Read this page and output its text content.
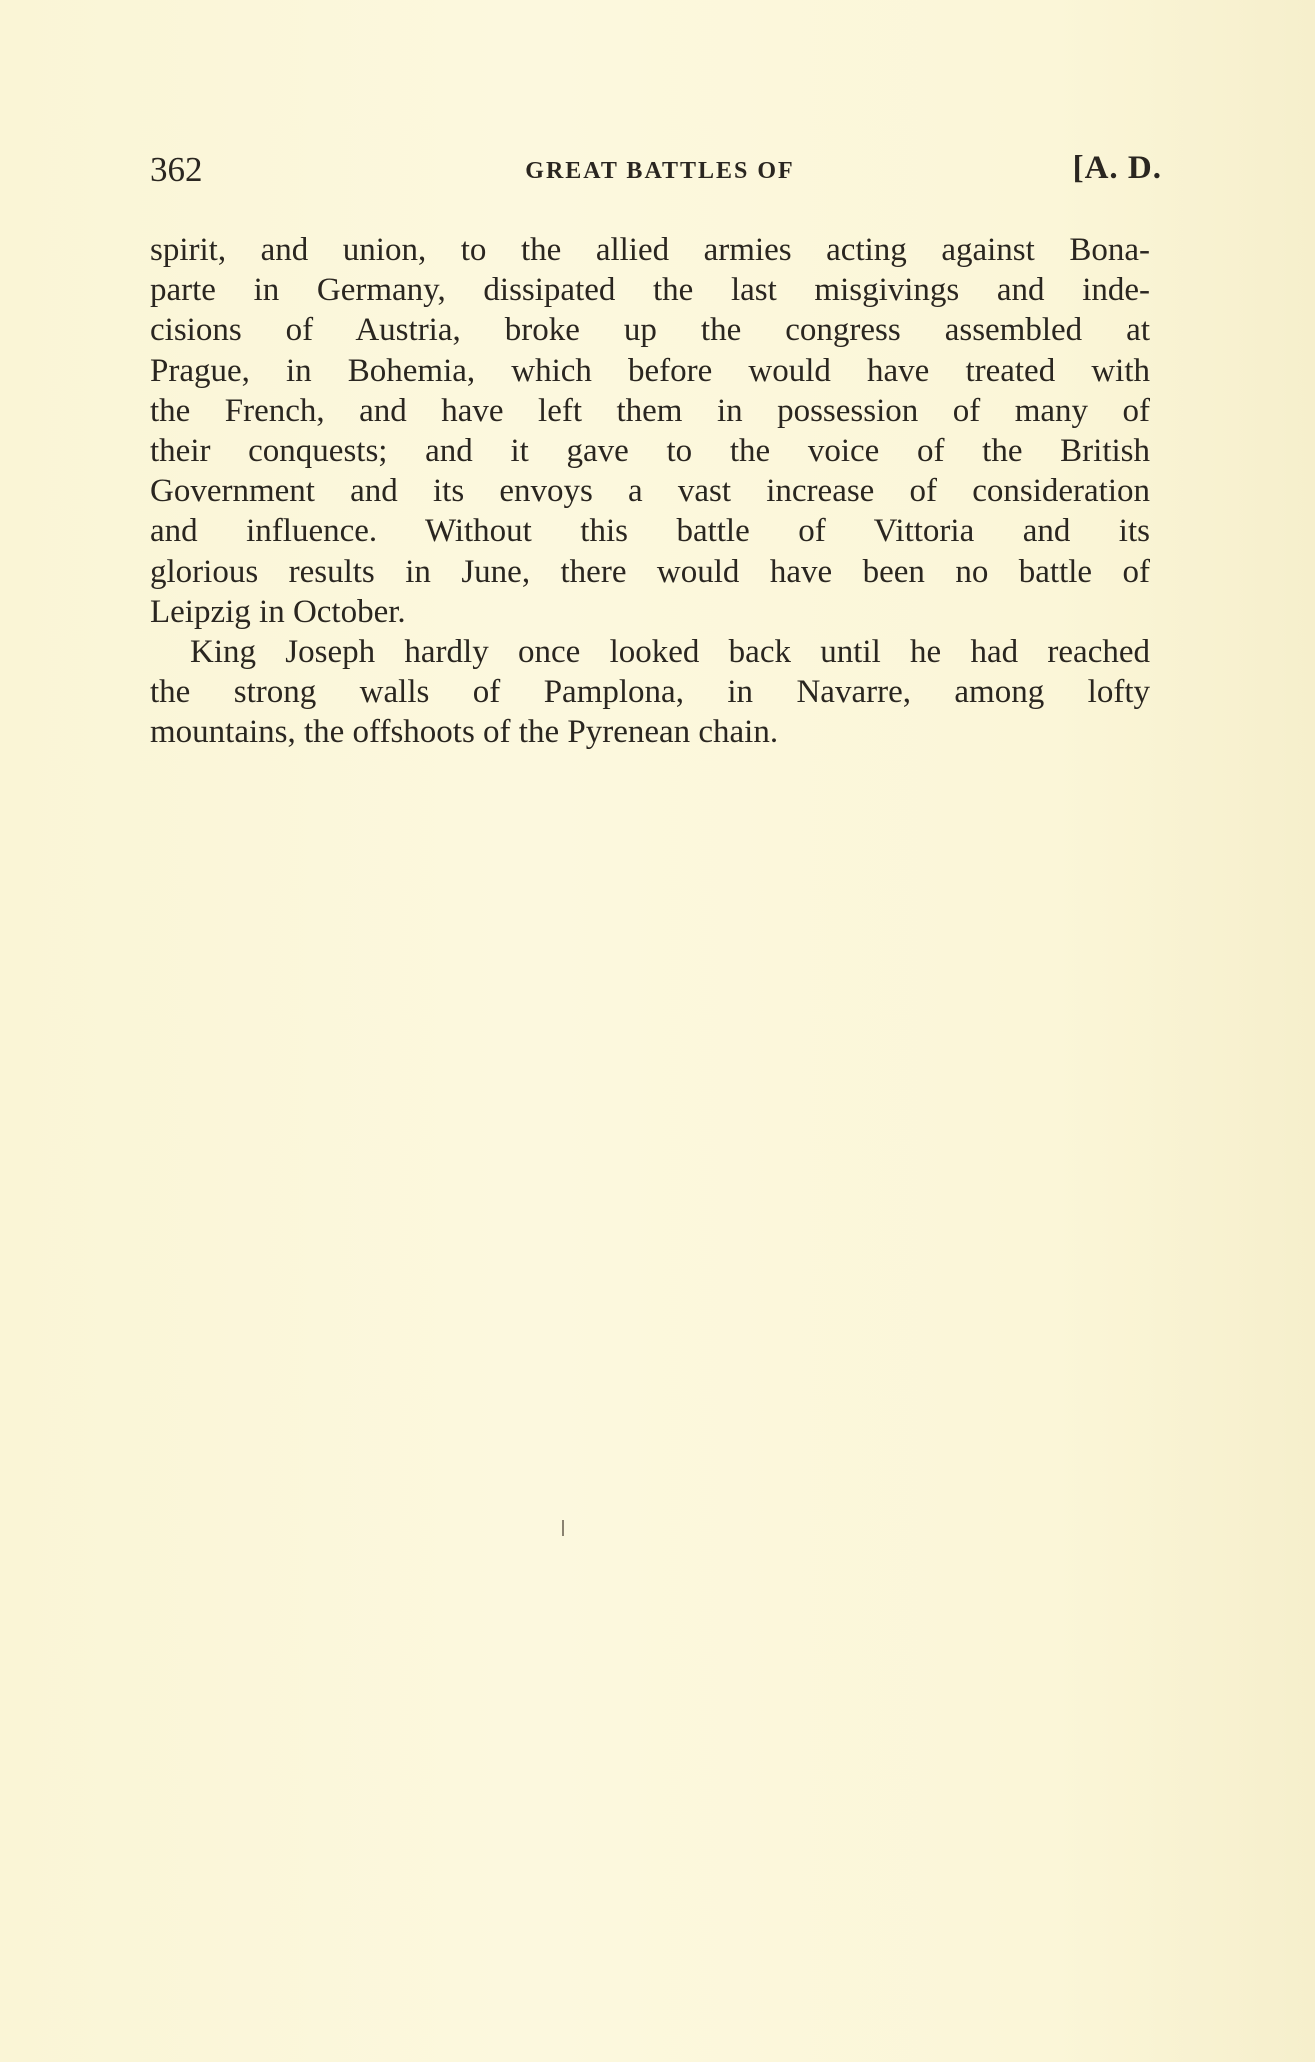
362	GREAT BATTLES OF	[A. D.
spirit, and union, to the allied armies acting against Bona-
parte in Germany, dissipated the last misgivings and inde-
cisions of Austria, broke up the congress assembled at
Prague, in Bohemia, which before would have treated with
the French, and have left them in possession of many of
their conquests; and it gave to the voice of the British
Government and its envoys a vast increase of consideration
and influence. Without this battle of Vittoria and its
glorious results in June, there would have been no battle of
Leipzig in October.
King Joseph hardly once looked back until he had reached
the strong walls of Pamplona, in Navarre, among lofty
mountains, the offshoots of the Pyrenean chain.
